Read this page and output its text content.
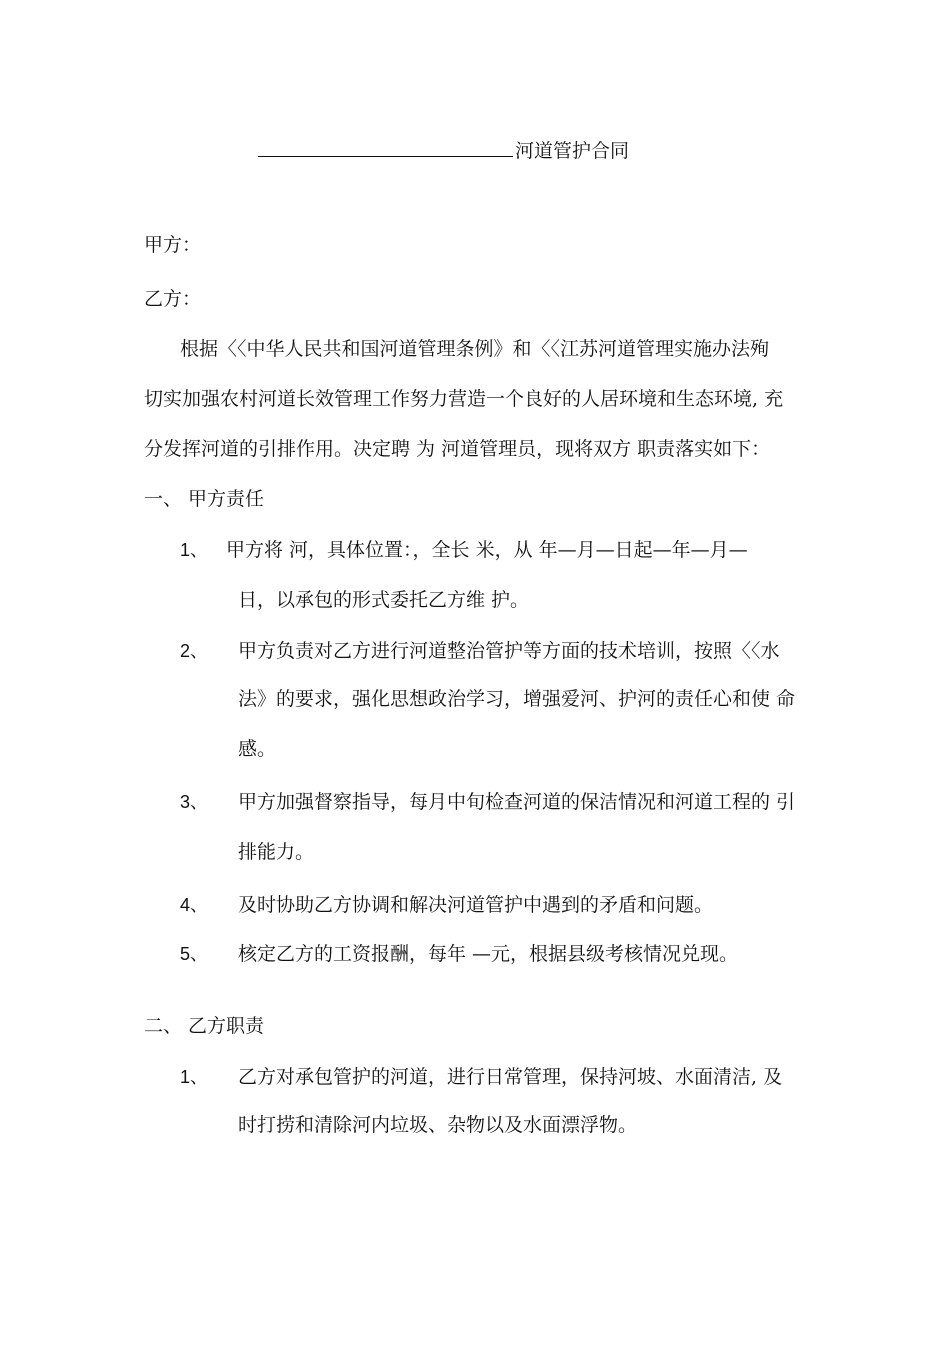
河道管护合同
甲方：
乙方：
根据〈〈中华人民共和国河道管理条例》和〈〈江苏河道管理实施办法殉
切实加强农村河道长效管理工作努力营造一个良好的人居环境和生态环境, 充
分发挥河道的引排作用。决定聘 为 河道管理员，现将双方 职责落实如下：
一、 甲方责任
1、 甲方将 河，具体位置：，全长 米，从 年—月—日起—年—月—
日，以承包的形式委托乙方维 护。
2、 甲方负责对乙方进行河道整治管护等方面的技术培训，按照〈〈水
法》的要求，强化思想政治学习，增强爱河、护河的责任心和使 命
感。
3、 甲方加强督察指导，每月中旬检查河道的保洁情况和河道工程的 引
排能力。
4、 及时协助乙方协调和解决河道管护中遇到的矛盾和问题。
5、 核定乙方的工资报酬，每年 —元，根据县级考核情况兑现。
二、 乙方职责
1、 乙方对承包管护的河道，进行日常管理，保持河坡、水面清洁, 及
时打捞和清除河内垃圾、杂物以及水面漂浮物。
